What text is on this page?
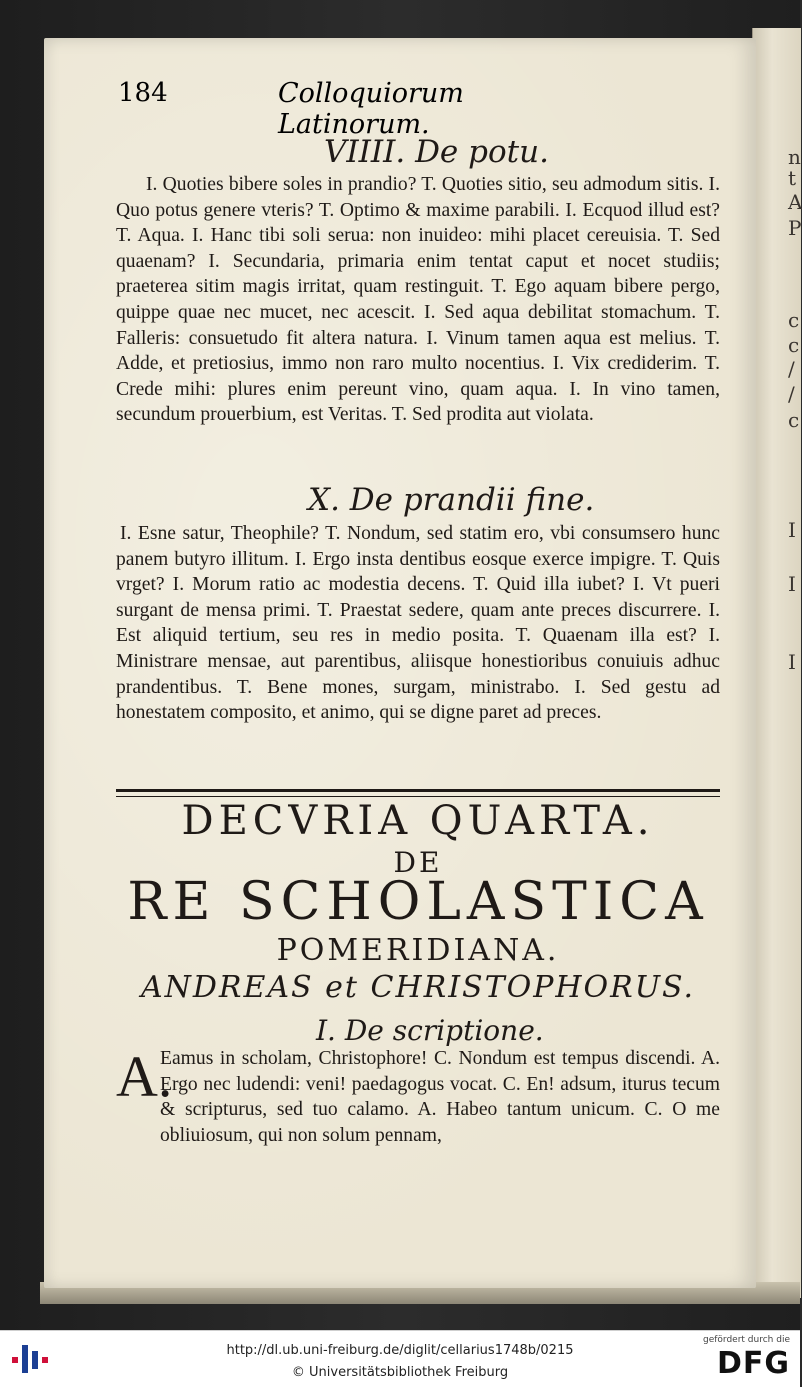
n
t
A
P
c
c
/
/
c
I
I
I
184	Colloquiorum Latinorum.
VIIII. De potu.

I. Quoties bibere soles in prandio? T. Quoties sitio, seu admodum sitis. I. Quo potus genere vteris? T. Optimo & maxime parabili. I. Ecquod illud est? T. Aqua. I. Hanc tibi soli serua: non inuideo: mihi placet cereuisia. T. Sed quaenam? I. Secundaria, primaria enim tentat caput et nocet studiis; praeterea sitim magis irritat, quam restinguit. T. Ego aquam bibere pergo, quippe quae nec mucet, nec acescit. I. Sed aqua debilitat stomachum. T. Falleris: consuetudo fit altera natura. I. Vinum tamen aqua est melius. T. Adde, et pretiosius, immo non raro multo nocentius. I. Vix crediderim. T. Crede mihi: plures enim pereunt vino, quam aqua. I. In vino tamen, secundum prouerbium, est Veritas. T. Sed prodita aut violata.

X. De prandii fine.

I. Esne satur, Theophile? T. Nondum, sed statim ero, vbi consumsero hunc panem butyro illitum. I. Ergo insta dentibus eosque exerce impigre. T. Quis vrget? I. Morum ratio ac modestia decens. T. Quid illa iubet? I. Vt pueri surgant de mensa primi. T. Praestat sedere, quam ante preces discurrere. I. Est aliquid tertium, seu res in medio posita. T. Quaenam illa est? I. Ministrare mensae, aut parentibus, aliisque honestioribus conuiuis adhuc prandentibus. T. Bene mones, surgam, ministrabo. I. Sed gestu ad honestatem composito, et animo, qui se digne paret ad preces.

DECVRIA QUARTA.
DE
RE SCHOLASTICA
POMERIDIANA.
ANDREAS et CHRISTOPHORUS.
I. De scriptione.
A.

Eamus in scholam, Christophore! C. Nondum est tempus discendi. A. Ergo nec ludendi: veni! paedagogus vocat. C. En! adsum, iturus tecum & scripturus, sed tuo calamo. A. Habeo tantum unicum. C. O me obliuiosum, qui non solum pennam,

http://dl.ub.uni-freiburg.de/diglit/cellarius1748b/0215
© Universitätsbibliothek Freiburg
gefördert durch die
DFG
